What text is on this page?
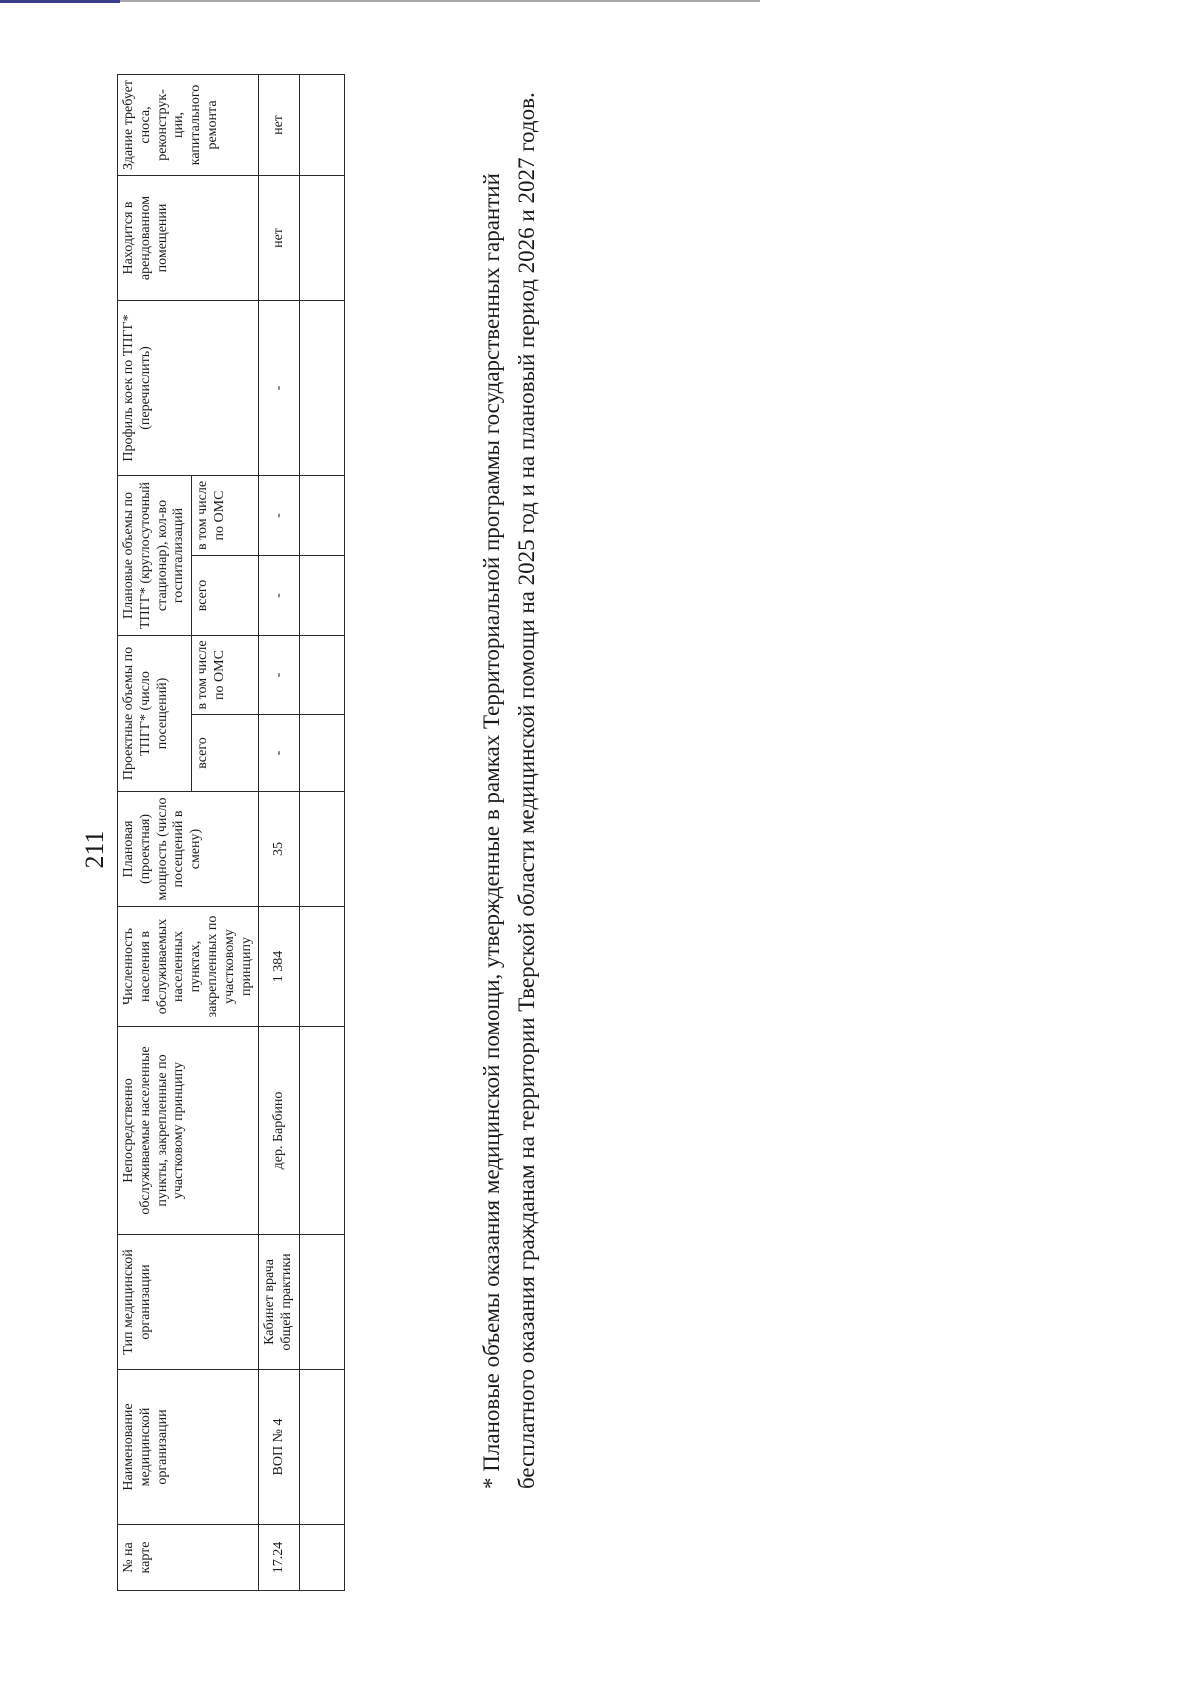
211
№ на карте	Наименование медицинской организации	Тип медицинской организации	Непосредственно обслуживаемые населенные пункты, закрепленные по участковому принципу	Численность населения в обслуживаемых населенных пунктах, закрепленных по участковому принципу	Плановая (проектная) мощность (число посещений в смену)	Проектные объемы по ТПГГ* (число посещений)		Плановые объемы по ТПГГ* (круглосуточный стационар), кол-во госпитализаций		Профиль коек по ТПГГ* (перечислить)	Находится в арендованном помещении	Здание требует сноса, реконструк-ции, капитального ремонта
						всего	в том числе по ОМС	всего	в том числе по ОМС			
17.24	ВОП № 4	Кабинет врача общей практики	дер. Барбино	1 384	35	-	-	-	-	-	нет	нет

* Плановые объемы оказания медицинской помощи, утвержденные в рамках Территориальной программы государственных гарантий бесплатного оказания гражданам на территории Тверской области медицинской помощи на 2025 год и на плановый период 2026 и 2027 годов.
